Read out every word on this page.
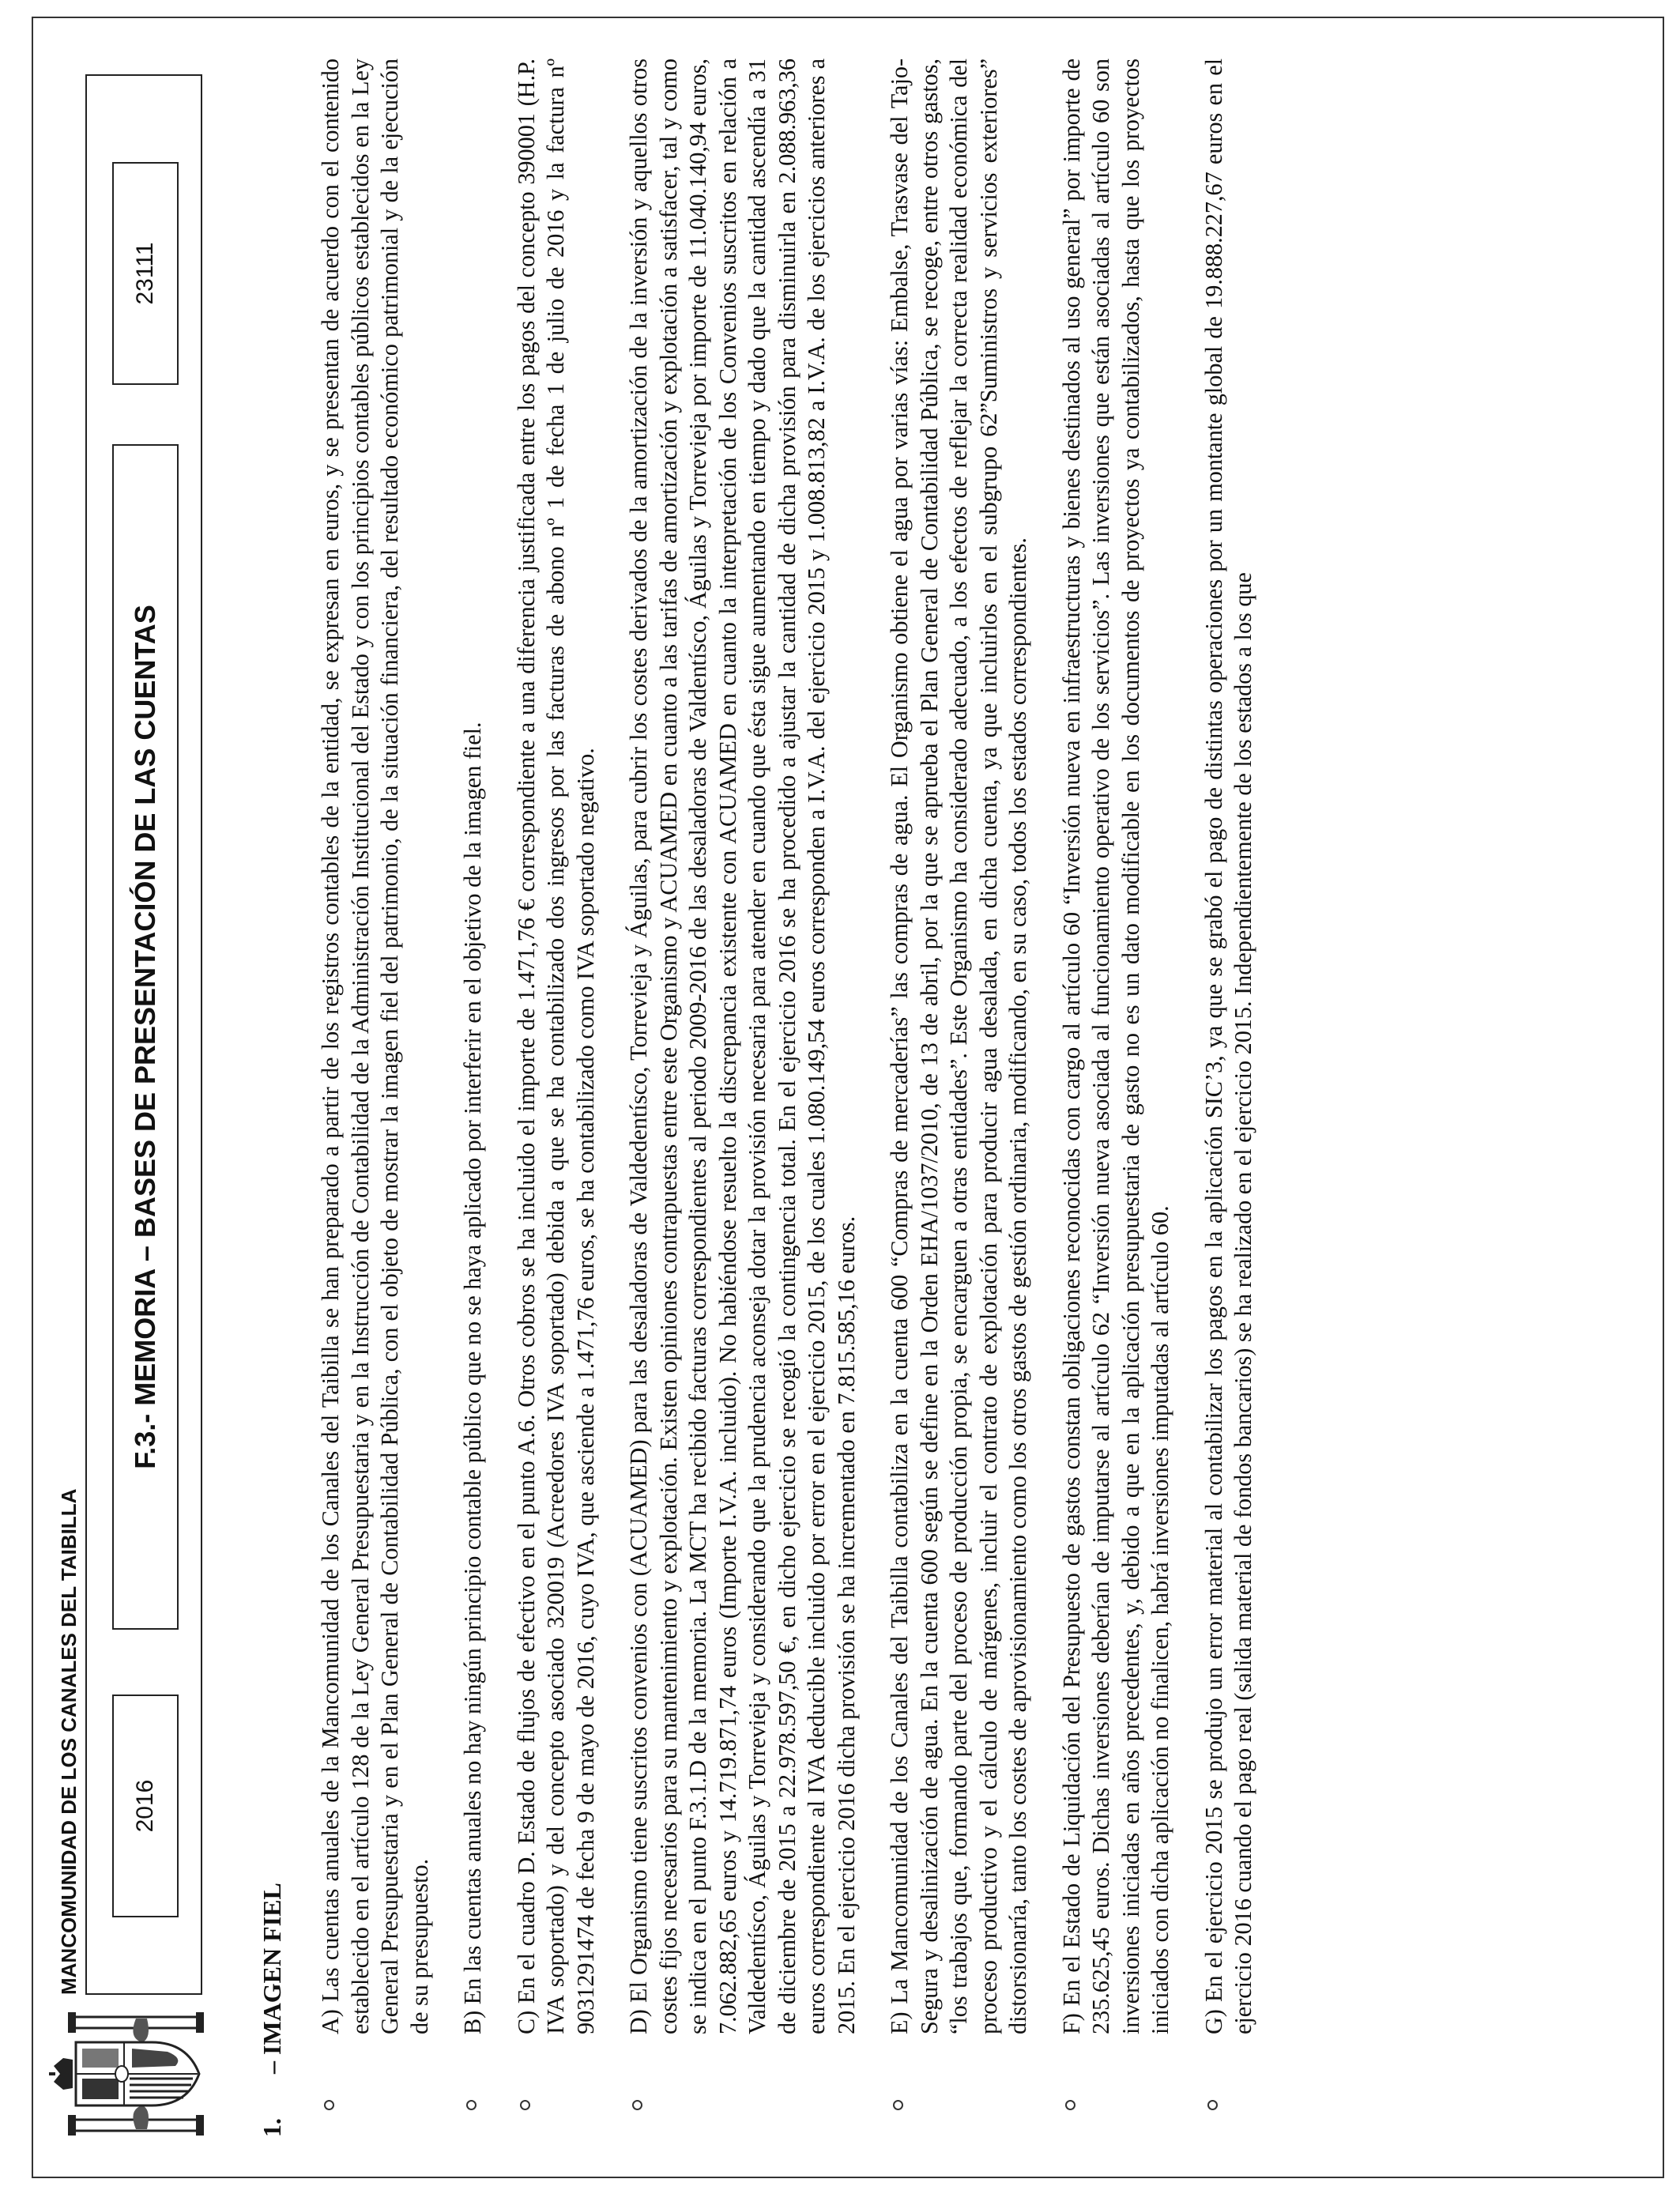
MANCOMUNIDAD DE LOS CANALES DEL TAIBILLA	2016
F.3.- MEMORIA – BASES DE PRESENTACIÓN DE LAS CUENTAS
23111
1.– IMAGEN FIEL A) Las cuentas anuales de la Mancomunidad de los Canales del Taibilla se han preparado a partir de los registros contables de la entidad, se expresan en euros, y se presentan de acuerdo con el contenido establecido en el artículo 128 de la Ley General Presupuestaria y en la Instrucción de Contabilidad de la Administración Institucional del Estado y con los principios contables públicos establecidos en la Ley General Presupuestaria y en el Plan General de Contabilidad Pública, con el objeto de mostrar la imagen fiel del patrimonio, de la situación financiera, del resultado económico patrimonial y de la ejecución de su presupuesto. B) En las cuentas anuales no hay ningún principio contable público que no se haya aplicado por interferir en el objetivo de la imagen fiel. C) En el cuadro D. Estado de flujos de efectivo en el punto A.6. Otros cobros se ha incluido el importe de 1.471,76 € correspondiente a una diferencia justificada entre los pagos del concepto 390001 (H.P. IVA soportado) y del concepto asociado 320019 (Acreedores IVA soportado) debida a que se ha contabilizado dos ingresos por las facturas de abono nº 1 de fecha 1 de julio de 2016 y la factura nº 9031291474 de fecha 9 de mayo de 2016, cuyo IVA, que asciende a 1.471,76 euros, se ha contabilizado como IVA soportado negativo. D) El Organismo tiene suscritos convenios con (ACUAMED) para las desaladoras de Valdedentísco, Torrevieja y Águilas, para cubrir los costes derivados de la amortización de la inversión y aquellos otros costes fijos necesarios para su mantenimiento y explotación. Existen opiniones contrapuestas entre este Organismo y ACUAMED en cuanto a las tarifas de amortización y explotación a satisfacer, tal y como se indica en el punto F.3.1.D de la memoria. La MCT ha recibido facturas correspondientes al periodo 2009-2016 de las desaladoras de Valdentísco, Águilas y Torrevieja por importe de 11.040.140,94 euros, 7.062.882,65 euros y 14.719.871,74 euros (Importe I.V.A. incluido). No habiéndose resuelto la discrepancia existente con ACUAMED en cuanto la interpretación de los Convenios suscritos en relación a Valdedentísco, Águilas y Torrevieja y considerando que la prudencia aconseja dotar la provisión necesaria para atender en cuando que ésta sigue aumentando en tiempo y dado que la cantidad ascendía a 31 de diciembre de 2015 a 22.978.597,50 €, en dicho ejercicio se recogió la contingencia total. En el ejercicio 2016 se ha procedido a ajustar la cantidad de dicha provisión para disminuirla en 2.088.963,36 euros correspondiente al IVA deducible incluido por error en el ejercicio 2015, de los cuales 1.080.149,54 euros corresponden a I.V.A. del ejercicio 2015 y 1.008.813,82 a I.V.A. de los ejercicios anteriores a 2015. En el ejercicio 2016 dicha provisión se ha incrementado en 7.815.585,16 euros. E) La Mancomunidad de los Canales del Taibilla contabiliza en la cuenta 600 “Compras de mercaderías” las compras de agua. El Organismo obtiene el agua por varias vías: Embalse, Trasvase del Tajo-Segura y desalinización de agua. En la cuenta 600 según se define en la Orden EHA/1037/2010, de 13 de abril, por la que se aprueba el Plan General de Contabilidad Pública, se recoge, entre otros gastos, “los trabajos que, formando parte del proceso de producción propia, se encarguen a otras entidades”. Este Organismo ha considerado adecuado, a los efectos de reflejar la correcta realidad económica del proceso productivo y el cálculo de márgenes, incluir el contrato de explotación para producir agua desalada, en dicha cuenta, ya que incluirlos en el subgrupo 62”Suministros y servicios exteriores” distorsionaría, tanto los costes de aprovisionamiento como los otros gastos de gestión ordinaria, modificando, en su caso, todos los estados correspondientes. F) En el Estado de Liquidación del Presupuesto de gastos constan obligaciones reconocidas con cargo al artículo 60 “Inversión nueva en infraestructuras y bienes destinados al uso general” por importe de 235.625,45 euros. Dichas inversiones deberían de imputarse al artículo 62 “Inversión nueva asociada al funcionamiento operativo de los servicios”. Las inversiones que están asociadas al artículo 60 son inversiones iniciadas en años precedentes, y, debido a que en la aplicación presupuestaria de gasto no es un dato modificable en los documentos de proyectos ya contabilizados, hasta que los proyectos iniciados con dicha aplicación no finalicen, habrá inversiones imputadas al artículo 60. G) En el ejercicio 2015 se produjo un error material al contabilizar los pagos en la aplicación SIC’3, ya que se grabó el pago de distintas operaciones por un montante global de 19.888.227,67 euros en el ejercicio 2016 cuando el pago real (salida material de fondos bancarios) se ha realizado en el ejercicio 2015. Independientemente de los estados a los que
